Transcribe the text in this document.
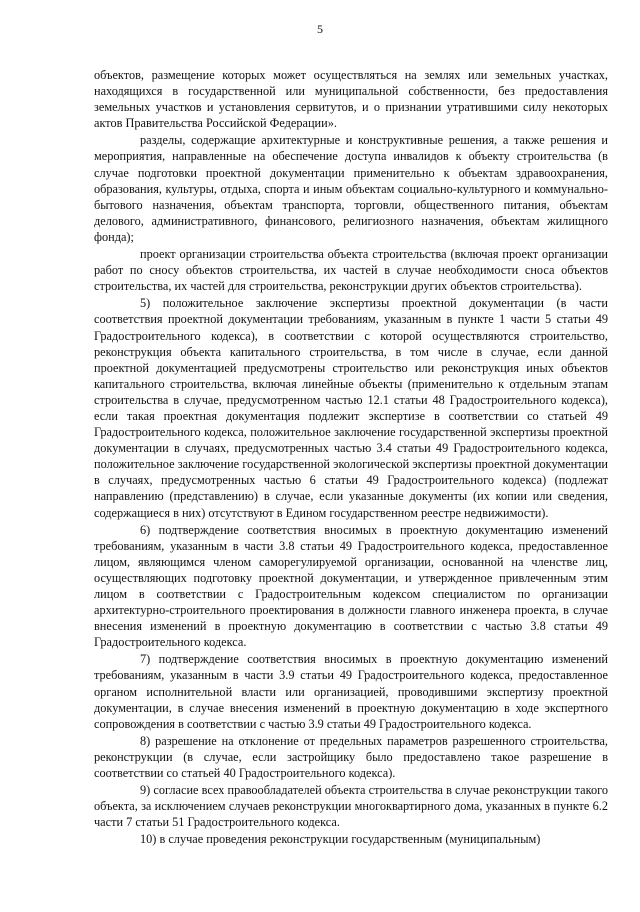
5

объектов, размещение которых может осуществляться на землях или земельных участках, находящихся в государственной или муниципальной собственности, без предоставления земельных участков и установления сервитутов, и о признании утратившими силу некоторых актов Правительства Российской Федерации».

разделы, содержащие архитектурные и конструктивные решения, а также решения и мероприятия, направленные на обеспечение доступа инвалидов к объекту строительства (в случае подготовки проектной документации применительно к объектам здравоохранения, образования, культуры, отдыха, спорта и иным объектам социально-культурного и коммунально-бытового назначения, объектам транспорта, торговли, общественного питания, объектам делового, административного, финансового, религиозного назначения, объектам жилищного фонда);

проект организации строительства объекта строительства (включая проект организации работ по сносу объектов строительства, их частей в случае необходимости сноса объектов строительства, их частей для строительства, реконструкции других объектов строительства).

5) положительное заключение экспертизы проектной документации (в части соответствия проектной документации требованиям, указанным в пункте 1 части 5 статьи 49 Градостроительного кодекса), в соответствии с которой осуществляются строительство, реконструкция объекта капитального строительства, в том числе в случае, если данной проектной документацией предусмотрены строительство или реконструкция иных объектов капитального строительства, включая линейные объекты (применительно к отдельным этапам строительства в случае, предусмотренном частью 12.1 статьи 48 Градостроительного кодекса), если такая проектная документация подлежит экспертизе в соответствии со статьей 49 Градостроительного кодекса, положительное заключение государственной экспертизы проектной документации в случаях, предусмотренных частью 3.4 статьи 49 Градостроительного кодекса, положительное заключение государственной экологической экспертизы проектной документации в случаях, предусмотренных частью 6 статьи 49 Градостроительного кодекса) (подлежат направлению (представлению) в случае, если указанные документы (их копии или сведения, содержащиеся в них) отсутствуют в Едином государственном реестре недвижимости).

6) подтверждение соответствия вносимых в проектную документацию изменений требованиям, указанным в части 3.8 статьи 49 Градостроительного кодекса, предоставленное лицом, являющимся членом саморегулируемой организации, основанной на членстве лиц, осуществляющих подготовку проектной документации, и утвержденное привлеченным этим лицом в соответствии с Градостроительным кодексом специалистом по организации архитектурно-строительного проектирования в должности главного инженера проекта, в случае внесения изменений в проектную документацию в соответствии с частью 3.8 статьи 49 Градостроительного кодекса.

7) подтверждение соответствия вносимых в проектную документацию изменений требованиям, указанным в части 3.9 статьи 49 Градостроительного кодекса, предоставленное органом исполнительной власти или организацией, проводившими экспертизу проектной документации, в случае внесения изменений в проектную документацию в ходе экспертного сопровождения в соответствии с частью 3.9 статьи 49 Градостроительного кодекса.

8) разрешение на отклонение от предельных параметров разрешенного строительства, реконструкции (в случае, если застройщику было предоставлено такое разрешение в соответствии со статьей 40 Градостроительного кодекса).

9) согласие всех правообладателей объекта строительства в случае реконструкции такого объекта, за исключением случаев реконструкции многоквартирного дома, указанных в пункте 6.2 части 7 статьи 51 Градостроительного кодекса.

10) в случае проведения реконструкции государственным (муниципальным)
